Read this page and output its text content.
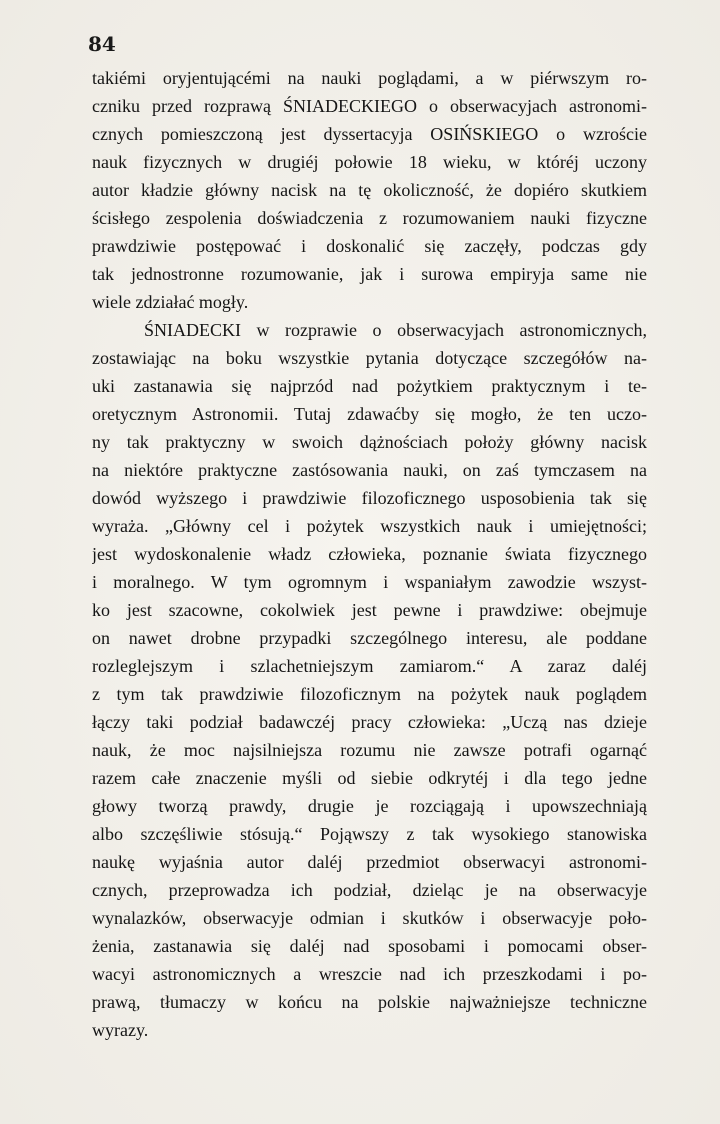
84
takiémi oryjentującémi na nauki poglądami, a w piérwszym ro-
czniku przed rozprawą ŚNIADECKIEGO o obserwacyjach astronomi-
cznych pomieszczoną jest dyssertacyja OSIŃSKIEGO o wzroście
nauk fizycznych w drugiéj połowie 18 wieku, w któréj uczony
autor kładzie główny nacisk na tę okoliczność, że dopiéro skutkiem
ścisłego zespolenia doświadczenia z rozumowaniem nauki fizyczne
prawdziwie postępować i doskonalić się zaczęły, podczas gdy
tak jednostronne rozumowanie, jak i surowa empiryja same nie
wiele zdziałać mogły.
ŚNIADECKI w rozprawie o obserwacyjach astronomicznych,
zostawiając na boku wszystkie pytania dotyczące szczegółów na-
uki zastanawia się najprzód nad pożytkiem praktycznym i te-
oretycznym Astronomii. Tutaj zdawaćby się mogło, że ten uczo-
ny tak praktyczny w swoich dążnościach położy główny nacisk
na niektóre praktyczne zastósowania nauki, on zaś tymczasem na
dowód wyższego i prawdziwie filozoficznego usposobienia tak się
wyraża. „Główny cel i pożytek wszystkich nauk i umiejętności;
jest wydoskonalenie władz człowieka, poznanie świata fizycznego
i moralnego. W tym ogromnym i wspaniałym zawodzie wszyst-
ko jest szacowne, cokolwiek jest pewne i prawdziwe: obejmuje
on nawet drobne przypadki szczególnego interesu, ale poddane
rozleglejszym i szlachetniejszym zamiarom.“ A zaraz daléj
z tym tak prawdziwie filozoficznym na pożytek nauk poglądem
łączy taki podział badawczéj pracy człowieka: „Uczą nas dzieje
nauk, że moc najsilniejsza rozumu nie zawsze potrafi ogarnąć
razem całe znaczenie myśli od siebie odkrytéj i dla tego jedne
głowy tworzą prawdy, drugie je rozciągają i upowszechniają
albo szczęśliwie stósują.“ Pojąwszy z tak wysokiego stanowiska
naukę wyjaśnia autor daléj przedmiot obserwacyi astronomi-
cznych, przeprowadza ich podział, dzieląc je na obserwacyje
wynalazków, obserwacyje odmian i skutków i obserwacyje poło-
żenia, zastanawia się daléj nad sposobami i pomocami obser-
wacyi astronomicznych a wreszcie nad ich przeszkodami i po-
prawą, tłumaczy w końcu na polskie najważniejsze techniczne
wyrazy.
